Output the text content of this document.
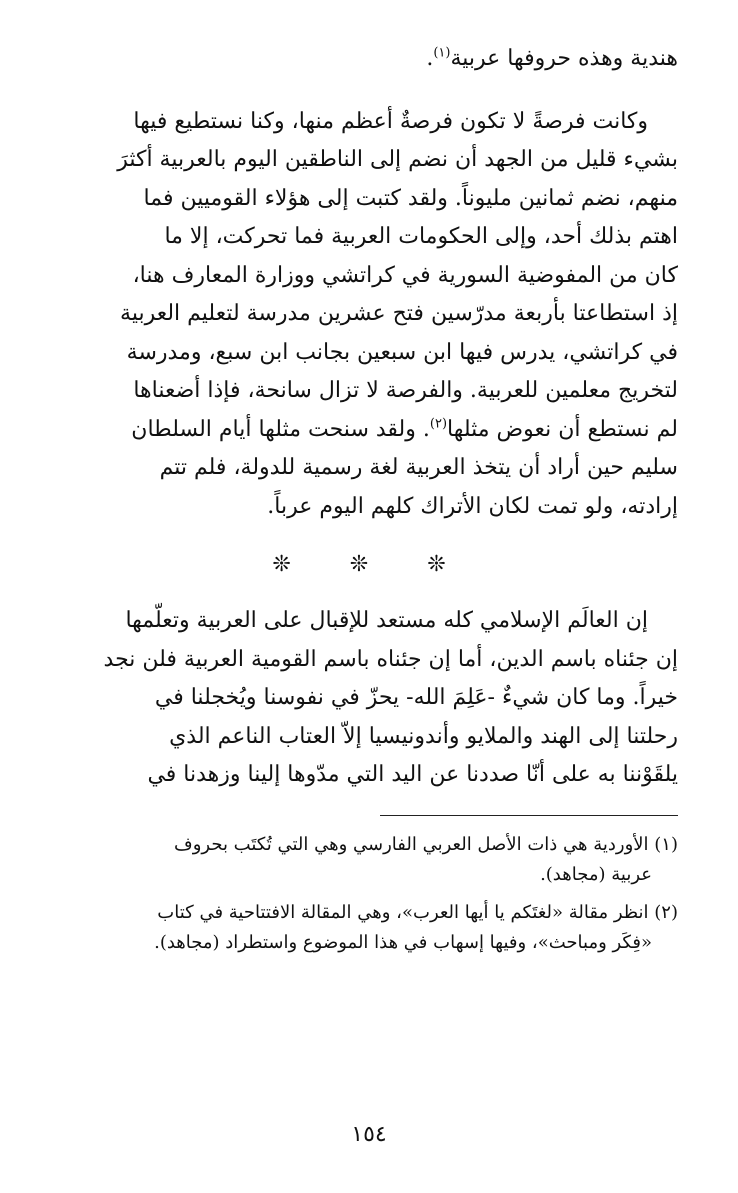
هندية وهذه حروفها عربية$^{(١)}$.

وكانت فرصةً لا تكون فرصةٌ أعظم منها، وكنا نستطيع فيها
بشيء قليل من الجهد أن نضم إلى الناطقين اليوم بالعربية أكثرَ
منهم، نضم ثمانين مليوناً. ولقد كتبت إلى هؤلاء القوميين فما
اهتم بذلك أحد، وإلى الحكومات العربية فما تحركت، إلا ما
كان من المفوضية السورية في كراتشي ووزارة المعارف هنا،
إذ استطاعتا بأربعة مدرّسين فتح عشرين مدرسة لتعليم العربية
في كراتشي، يدرس فيها ابن سبعين بجانب ابن سبع، ومدرسة
لتخريج معلمين للعربية. والفرصة لا تزال سانحة، فإذا أضعناها
لم نستطع أن نعوض مثلها$^{(٢)}$. ولقد سنحت مثلها أيام السلطان
سليم حين أراد أن يتخذ العربية لغة رسمية للدولة، فلم تتم
إرادته، ولو تمت لكان الأتراك كلهم اليوم عرباً.

❊ ❊ ❊

إن العالَم الإسلامي كله مستعد للإقبال على العربية وتعلّمها
إن جئناه باسم الدين، أما إن جئناه باسم القومية العربية فلن نجد
خيراً. وما كان شيءٌ -عَلِمَ الله- يحزّ في نفوسنا ويُخجلنا في
رحلتنا إلى الهند والملايو وأندونيسيا إلاّ العتاب الناعم الذي
يلقَوْننا به على أنّا صددنا عن اليد التي مدّوها إلينا وزهدنا في

(١) الأوردية هي ذات الأصل العربي الفارسي وهي التي تُكتَب بحروف
عربية (مجاهد).
(٢) انظر مقالة «لغتَكم يا أيها العرب»، وهي المقالة الافتتاحية في كتاب
«فِكَر ومباحث»، وفيها إسهاب في هذا الموضوع واستطراد (مجاهد).
١٥٤
